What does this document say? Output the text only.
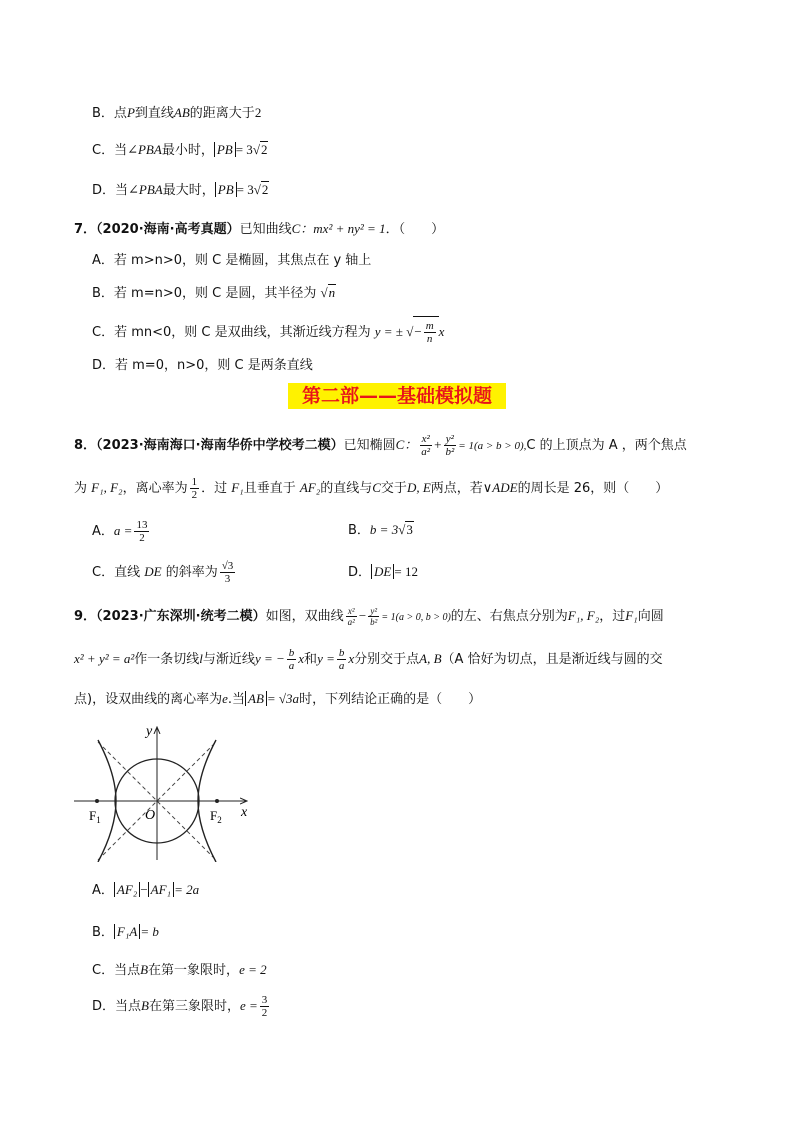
B．点P到直线AB的距离大于2
C．当∠PBA最小时， PB = 3√2
D．当∠PBA最大时， PB = 3√2
7．（2020·海南·高考真题）已知曲线C：mx² + ny² = 1．（　　）
A．若 m>n>0，则 C 是椭圆，其焦点在 y 轴上
B．若 m=n>0，则 C 是圆，其半径为 √n
C．若 mn<0，则 C 是双曲线，其渐近线方程为 y = ± √− $\frac{m}{n}$ x
D．若 m=0，n>0，则 C 是两条直线
第二部——基础模拟题
8．（2023·海南海口·海南华侨中学校考二模）已知椭圆C： $\frac{\text{x²}}{\text{a²}} + \frac{\text{y²}}{\text{b²}} = 1(a > b > 0),C$ 的上顶点为 A ，两个焦点
为 F₁, F₂，离心率为 $\frac{1}{2}$ ．过 F₁且垂直于 AF₂的直线与C交于D, E两点，若∨ADE的周长是 26，则（　　）
A．$a = \frac{13}{2}$	B．b = 3√3
C．直线 DE 的斜率为 $\frac{√3}{3}$	D． DE = 12
9．（2023·广东深圳·统考二模）如图，双曲线 $\frac{\text{x²}}{\text{a²}} - \frac{\text{y²}}{\text{b²}} = 1(a > 0$, b > 0)的左、右焦点分别为F₁, F₂，过F₁向圆
x² + y² = a²作一条切线l与渐近线y = − $\frac{b}{a}$ x和$y = \frac{b}{a}$ x分别交于点A, B（A 恰好为切点，且是渐近线与圆的交
点)，设双曲线的离心率为e.当 AB = √3a时，下列结论正确的是（　　）
y
x
O
$F_1$	$F_2$
A． AF₂ − AF₁ = 2a
B． F₁A = b
C．当点B在第一象限时，e = 2
D．当点B在第三象限时，$e = \frac{3}{2}$
